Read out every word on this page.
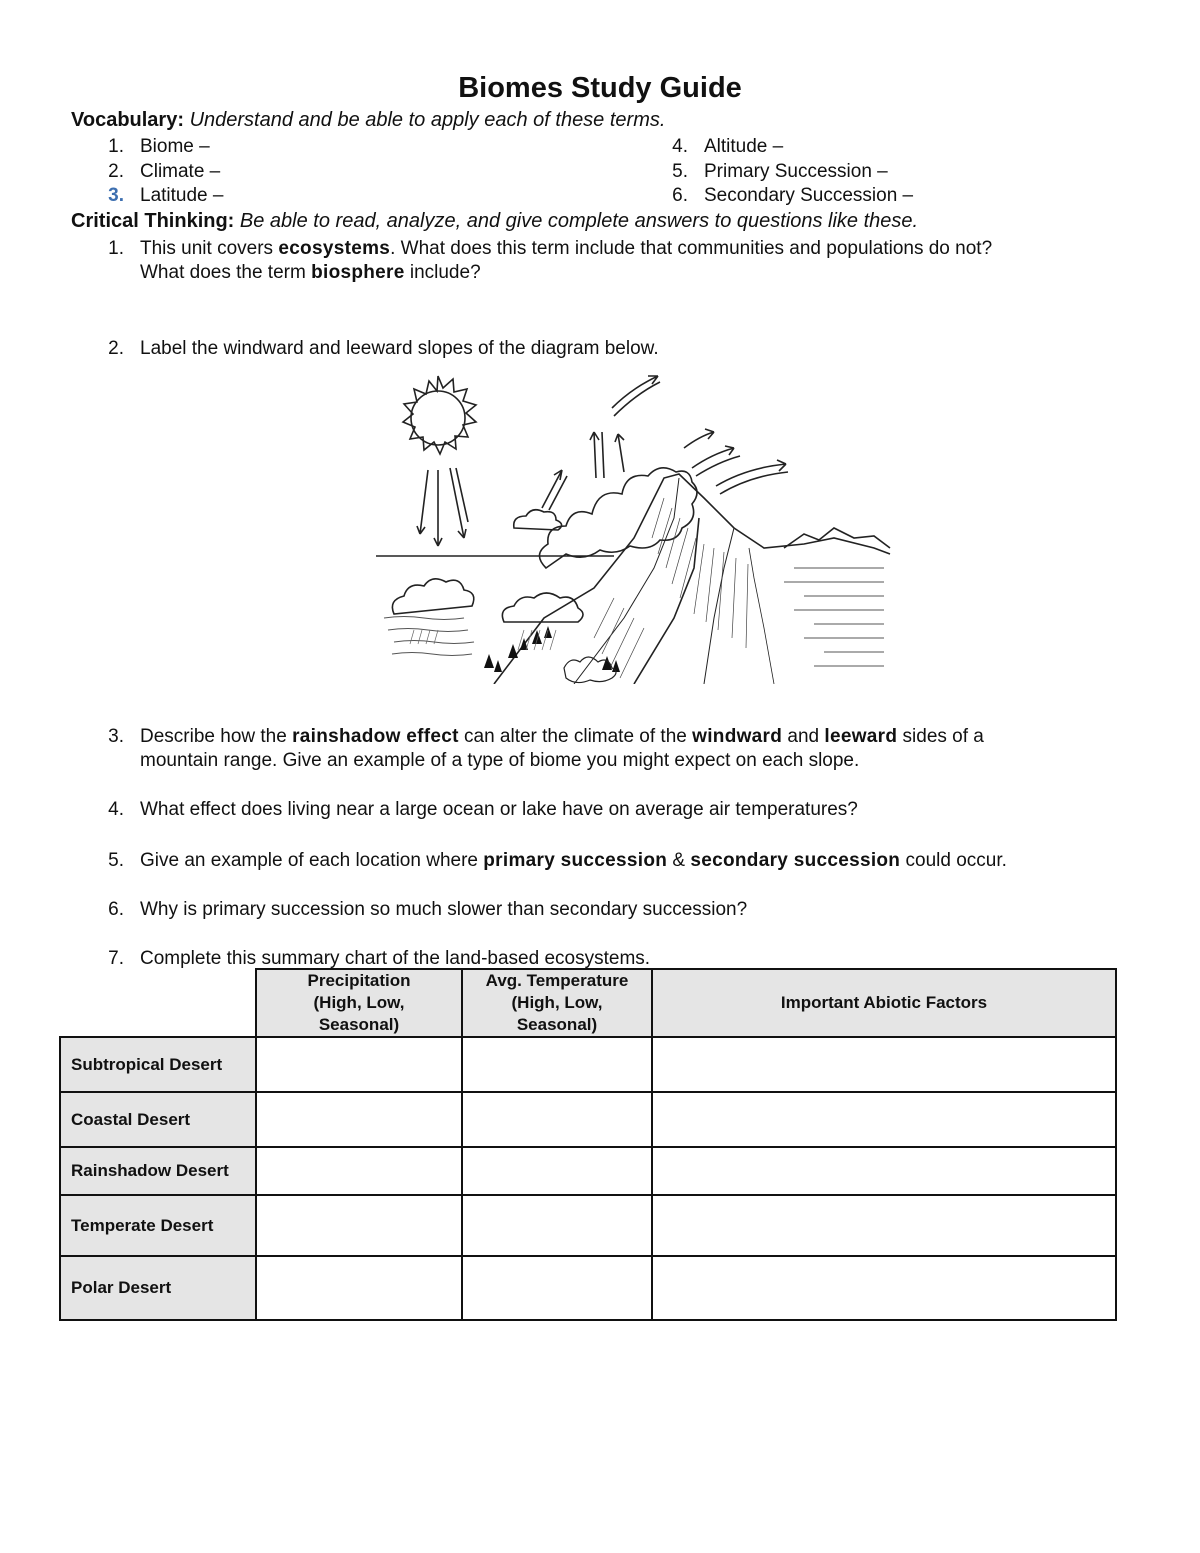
Biomes Study Guide
Vocabulary: Understand and be able to apply each of these terms.
1. Biome –
2. Climate –
3. Latitude –
4. Altitude –
5. Primary Succession –
6. Secondary Succession –
Critical Thinking: Be able to read, analyze, and give complete answers to questions like these.
1. This unit covers ecosystems. What does this term include that communities and populations do not?
What does the term biosphere include?
2. Label the windward and leeward slopes of the diagram below.
3. Describe how the rainshadow effect can alter the climate of the windward and leeward sides of a
mountain range. Give an example of a type of biome you might expect on each slope.
4. What effect does living near a large ocean or lake have on average air temperatures?
5. Give an example of each location where primary succession & secondary succession could occur.
6. Why is primary succession so much slower than secondary succession?
7. Complete this summary chart of the land-based ecosystems.
	Precipitation
(High, Low,
Seasonal)	Avg. Temperature
(High, Low,
Seasonal)	Important Abiotic Factors
Subtropical Desert			
Coastal Desert			
Rainshadow Desert			
Temperate Desert			
Polar Desert			
